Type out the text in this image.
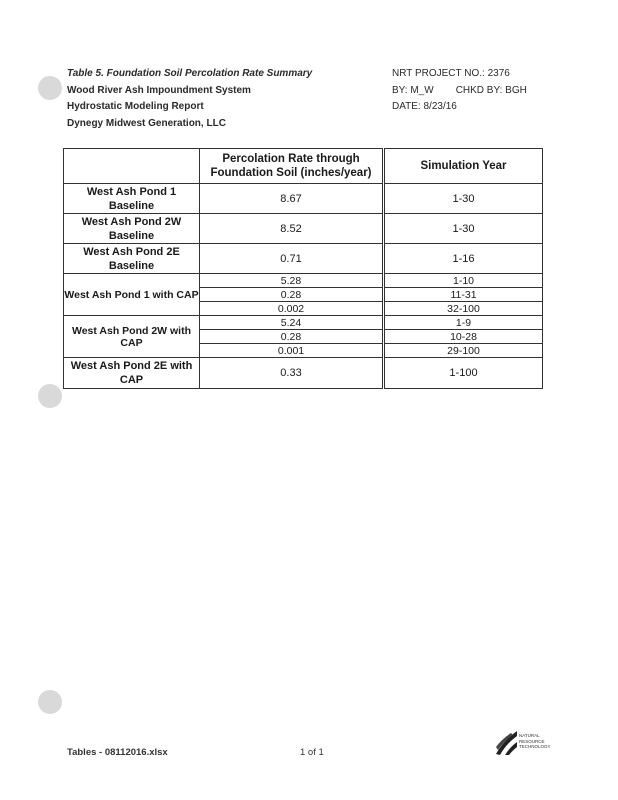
Table 5. Foundation Soil Percolation Rate Summary
Wood River Ash Impoundment System
Hydrostatic Modeling Report
Dynegy Midwest Generation, LLC
NRT PROJECT NO.: 2376
BY: M_W CHKD BY: BGH
DATE: 8/23/16
	Percolation Rate through Foundation Soil (inches/year)	Simulation Year
West Ash Pond 1 Baseline	8.67	1-30
West Ash Pond 2W Baseline	8.52	1-30
West Ash Pond 2E Baseline	0.71	1-16
West Ash Pond 1 with CAP	5.28	1-10
	0.28	11-31
	0.002	32-100
West Ash Pond 2W with CAP	5.24	1-9
	0.28	10-28
	0.001	29-100
West Ash Pond 2E with CAP	0.33	1-100
Tables - 08112016.xlsx	1 of 1
NATURAL
RESOURCE
TECHNOLOGY
